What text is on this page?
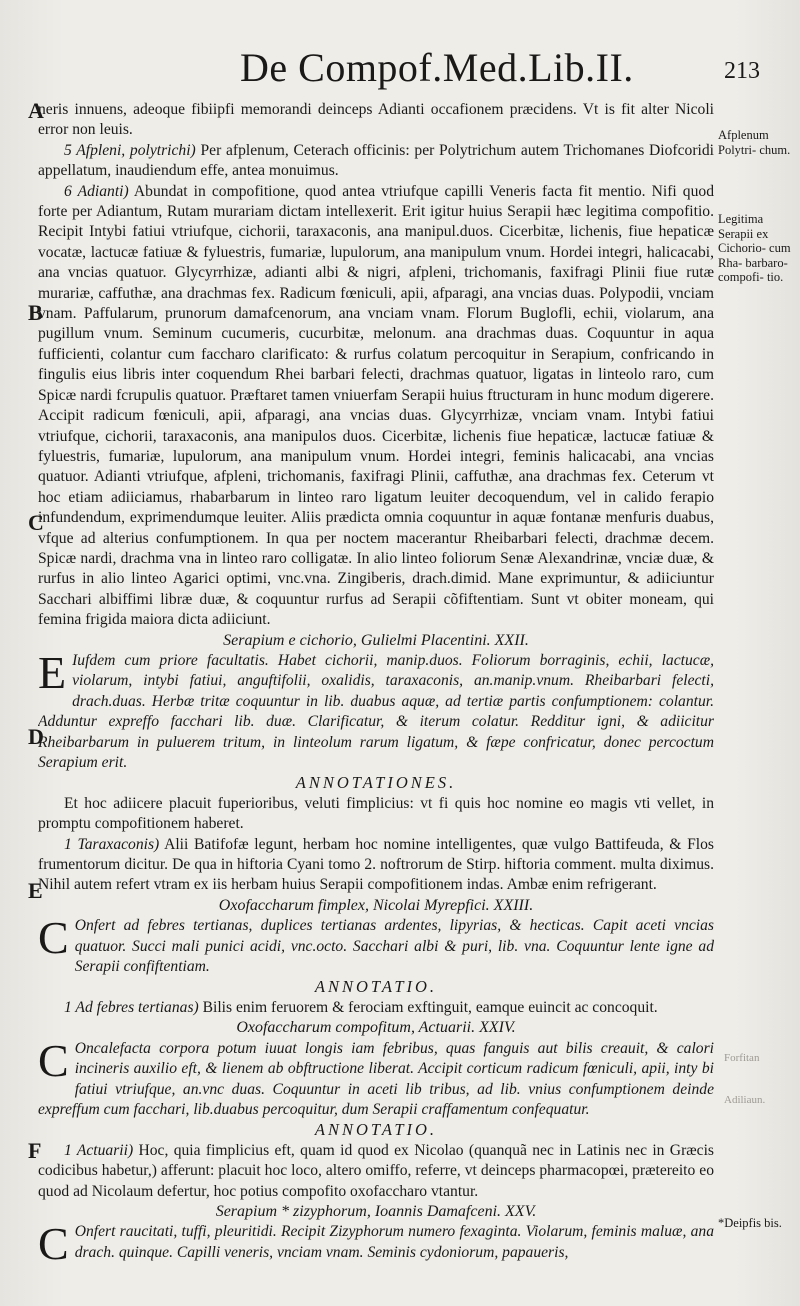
De Compof.Med.Lib.II.	213
A
B
C
D
E
F
Afplenum Polytri- chum.
Legitima Serapii ex Cichorio- cum Rha- barbaro- compofi- tio.
*Deipfis bis.
Forfitan
Adiliaun.

neris innuens, adeoque fibiipfi memorandi deinceps Adianti occafionem præcidens. Vt is fit alter Nicoli error non leuis.

5 Afpleni, polytrichi) Per afplenum, Ceterach officinis: per Polytrichum autem Trichomanes Diofcoridi appellatum, inaudiendum effe, antea monuimus.

6 Adianti) Abundat in compofitione, quod antea vtriufque capilli Veneris facta fit mentio. Nifi quod forte per Adiantum, Rutam murariam dictam intellexerit. Erit igitur huius Serapii hæc legitima compofitio. Recipit Intybi fatiui vtriufque, cichorii, taraxaconis, ana manipul.duos. Cicerbitæ, lichenis, fiue hepaticæ vocatæ, lactucæ fatiuæ & fyluestris, fumariæ, lupulorum, ana manipulum vnum. Hordei integri, halicacabi, ana vncias quatuor. Glycyrrhizæ, adianti albi & nigri, afpleni, trichomanis, faxifragi Plinii fiue rutæ murariæ, caffuthæ, ana drachmas fex. Radicum fœniculi, apii, afparagi, ana vncias duas. Polypodii, vnciam vnam. Paffularum, prunorum damafcenorum, ana vnciam vnam. Florum Buglofli, echii, violarum, ana pugillum vnum. Seminum cucumeris, cucurbitæ, melonum. ana drachmas duas. Coquuntur in aqua fufficienti, colantur cum faccharo clarificato: & rurfus colatum percoquitur in Serapium, confricando in fingulis eius libris inter coquendum Rhei barbari felecti, drachmas quatuor, ligatas in linteolo raro, cum Spicæ nardi fcrupulis quatuor. Præftaret tamen vniuerfam Serapii huius ftructuram in hunc modum digerere. Accipit radicum fœniculi, apii, afparagi, ana vncias duas. Glycyrrhizæ, vnciam vnam. Intybi fatiui vtriufque, cichorii, taraxaconis, ana manipulos duos. Cicerbitæ, lichenis fiue hepaticæ, lactucæ fatiuæ & fyluestris, fumariæ, lupulorum, ana manipulum vnum. Hordei integri, feminis halicacabi, ana vncias quatuor. Adianti vtriufque, afpleni, trichomanis, faxifragi Plinii, caffuthæ, ana drachmas fex. Ceterum vt hoc etiam adiiciamus, rhabarbarum in linteo raro ligatum leuiter decoquendum, vel in calido ferapio infundendum, exprimendumque leuiter. Aliis prædicta omnia coquuntur in aquæ fontanæ menfuris duabus, vfque ad alterius confumptionem. In qua per noctem macerantur Rheibarbari felecti, drachmæ decem. Spicæ nardi, drachma vna in linteo raro colligatæ. In alio linteo foliorum Senæ Alexandrinæ, vnciæ duæ, & rurfus in alio linteo Agarici optimi, vnc.vna. Zingiberis, drach.dimid. Mane exprimuntur, & adiiciuntur Sacchari albiffimi libræ duæ, & coquuntur rurfus ad Serapii cõfiftentiam. Sunt vt obiter moneam, qui femina frigida maiora dicta adiiciunt.

Serapium e cichorio, Gulielmi Placentini. XXII.

E Iufdem cum priore facultatis. Habet cichorii, manip.duos. Foliorum borraginis, echii, lactucæ, violarum, intybi fatiui, anguftifolii, oxalidis, taraxaconis, an.manip.vnum. Rheibarbari felecti, drach.duas. Herbæ tritæ coquuntur in lib. duabus aquæ, ad tertiæ partis confumptionem: colantur. Adduntur expreffo facchari lib. duæ. Clarificatur, & iterum colatur. Redditur igni, & adiicitur Rheibarbarum in puluerem tritum, in linteolum rarum ligatum, & fæpe confricatur, donec percoctum Serapium erit.

ANNOTATIONES.

Et hoc adiicere placuit fuperioribus, veluti fimplicius: vt fi quis hoc nomine eo magis vti vellet, in promptu compofitionem haberet.

1 Taraxaconis) Alii Batifofæ legunt, herbam hoc nomine intelligentes, quæ vulgo Battifeuda, & Flos frumentorum dicitur. De qua in hiftoria Cyani tomo 2. noftrorum de Stirp. hiftoria comment. multa diximus. Nihil autem refert vtram ex iis herbam huius Serapii compofitionem indas. Ambæ enim refrigerant.

Oxofaccharum fimplex, Nicolai Myrepfici. XXIII.

C Onfert ad febres tertianas, duplices tertianas ardentes, lipyrias, & hecticas. Capit aceti vncias quatuor. Succi mali punici acidi, vnc.octo. Sacchari albi & puri, lib. vna. Coquuntur lente igne ad Serapii confiftentiam.

ANNOTATIO.

1 Ad febres tertianas) Bilis enim feruorem & ferociam exftinguit, eamque euincit ac concoquit.

Oxofaccharum compofitum, Actuarii. XXIV.

C Oncalefacta corpora potum iuuat longis iam febribus, quas fanguis aut bilis creauit, & calori incineris auxilio eft, & lienem ab obftructione liberat. Accipit corticum radicum fœniculi, apii, inty bi fatiui vtriufque, an.vnc duas. Coquuntur in aceti lib tribus, ad lib. vnius confumptionem deinde expreffum cum facchari, lib.duabus percoquitur, dum Serapii craffamentum confequatur.

ANNOTATIO.

1 Actuarii) Hoc, quia fimplicius eft, quam id quod ex Nicolao (quanquã nec in Latinis nec in Græcis codicibus habetur,) afferunt: placuit hoc loco, altero omiffo, referre, vt deinceps pharmacopœi, prætereito eo quod ad Nicolaum defertur, hoc potius compofito oxofaccharo vtantur.

Serapium * zizyphorum, Ioannis Damafceni. XXV.

C Onfert raucitati, tuffi, pleuritidi. Recipit Zizyphorum numero fexaginta. Violarum, feminis maluæ, ana drach. quinque. Capilli veneris, vnciam vnam. Seminis cydoniorum, papaueris,
